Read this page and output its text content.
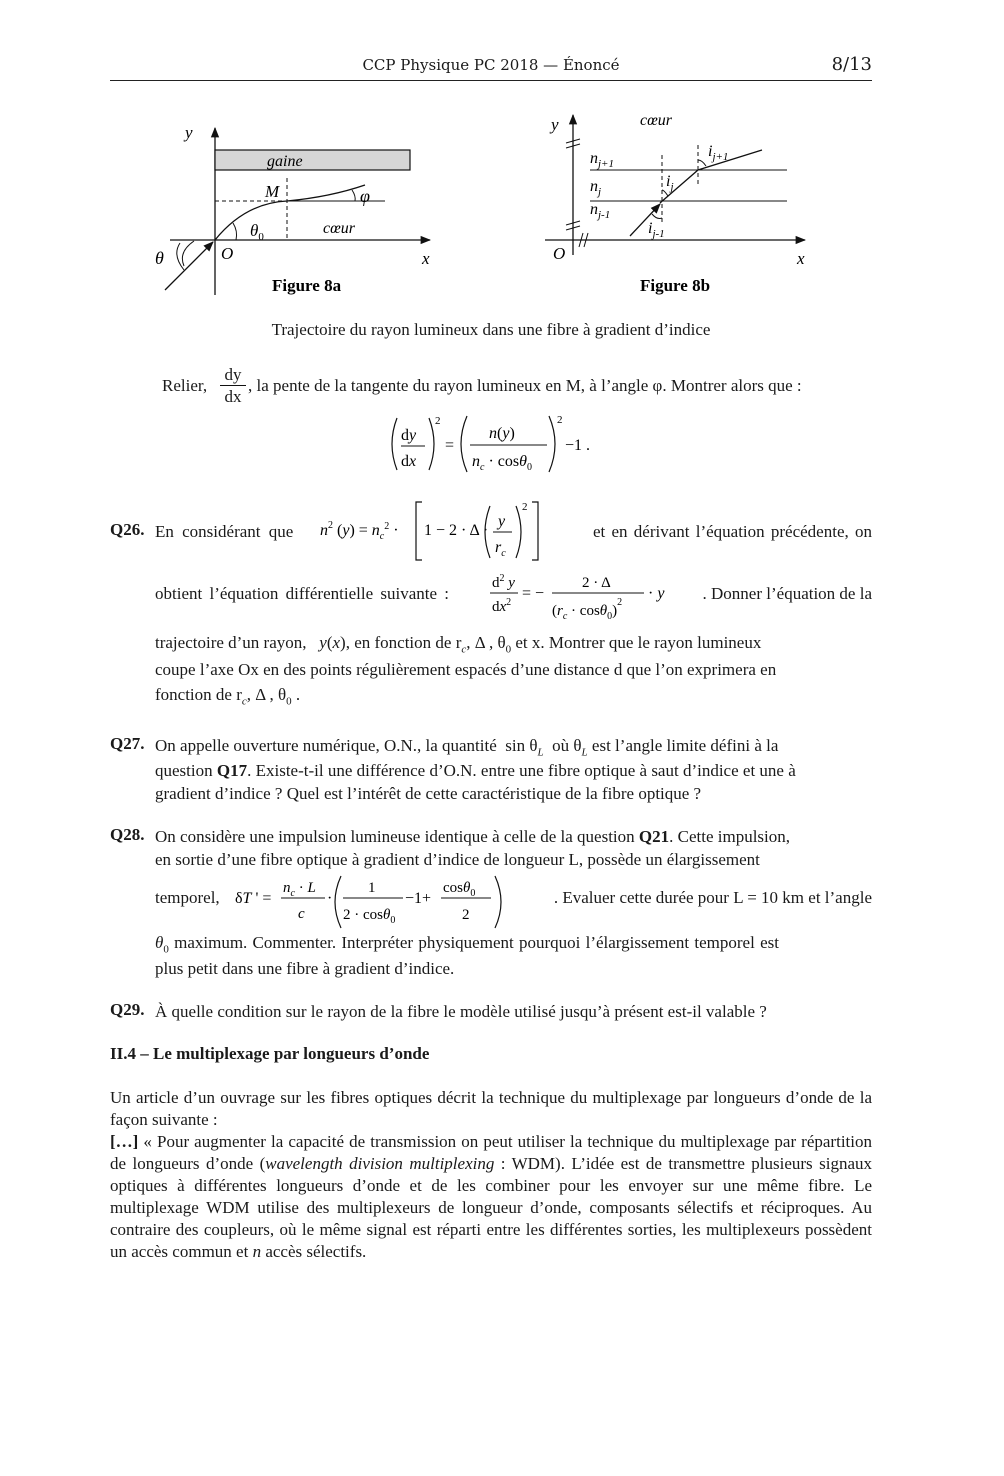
CCP Physique PC 2018 — Énoncé	8/13
y
gaine
M	φ
$\theta_0$	cœur
O
θ	x
Figure 8a
y	cœur
$i_{j+1}$
$n_{j+1}$
$n_j$
$i_j$
$n_{j-1}$
$i_{j-1}$
O	x
Figure 8b
Trajectoire du rayon lumineux dans une fibre à gradient d’indice
Relier, $\frac{dy}{dx}$ , la pente de la tangente du rayon lumineux en M, à l’angle φ. Montrer alors que :
(dy/dx)² = ( n(y) / (n_c · cos θ₀) )² − 1 .
dy
dx
2
=
n(y)
$n_c \cdot \cos\theta_0$
2
−1 .
Q26. En considérant que $n^2$ $(y) = n_c^2 \cdot 1 - 2 \cdot \Delta$ ·
y
$r_c$
2
et en dérivant l’équation précédente, on
obtient l’équation différentielle suivante :
$d^2$ y
$dx^2$
= −
2 · Δ
$(r_c \cdot \cos\theta_0)^2$
· y	. Donner l’équation de la
trajectoire d’un rayon,   y(x), en fonction de $r_c$, Δ , $\theta_0$ et x. Montrer que le rayon lumineux
coupe l’axe Ox en des points régulièrement espacés d’une distance d que l’on exprimera en
fonction de $r_c$, Δ , $\theta_0$ .
Q27. On appelle ouverture numérique, O.N., la quantité $\sin \theta_L$ où $\theta_L$ est l’angle limite défini à la
question Q17. Existe-t-il une différence d’O.N. entre une fibre optique à saut d’indice et une à
gradient d’indice ? Quel est l’intérêt de cette caractéristique de la fibre optique ?
Q28. On considère une impulsion lumineuse identique à celle de la question Q21. Cette impulsion,
en sortie d’une fibre optique à gradient d’indice de longueur L, possède un élargissement
temporel, δT ' =
$n_c \cdot L$
c
·
1
2 · cosθ$_0$
−1+
cosθ$_0$
2
. Evaluer cette durée pour L = 10 km et l’angle
$\theta_0$ maximum. Commenter. Interpréter physiquement pourquoi l’élargissement temporel est
plus petit dans une fibre à gradient d’indice.
Q29. À quelle condition sur le rayon de la fibre le modèle utilisé jusqu’à présent est-il valable ?
II.4 – Le multiplexage par longueurs d’onde
Un article d’un ouvrage sur les fibres optiques décrit la technique du multiplexage par longueurs d’onde de la façon suivante :
[…] « Pour augmenter la capacité de transmission on peut utiliser la technique du multiplexage par répartition de longueurs d’onde (wavelength division multiplexing : WDM). L’idée est de transmettre plusieurs signaux optiques à différentes longueurs d’onde et de les combiner pour les envoyer sur une même fibre. Le multiplexage WDM utilise des multiplexeurs de longueur d’onde, composants sélectifs et réciproques. Au contraire des coupleurs, où le même signal est réparti entre les différentes sorties, les multiplexeurs possèdent un accès commun et n accès sélectifs.
